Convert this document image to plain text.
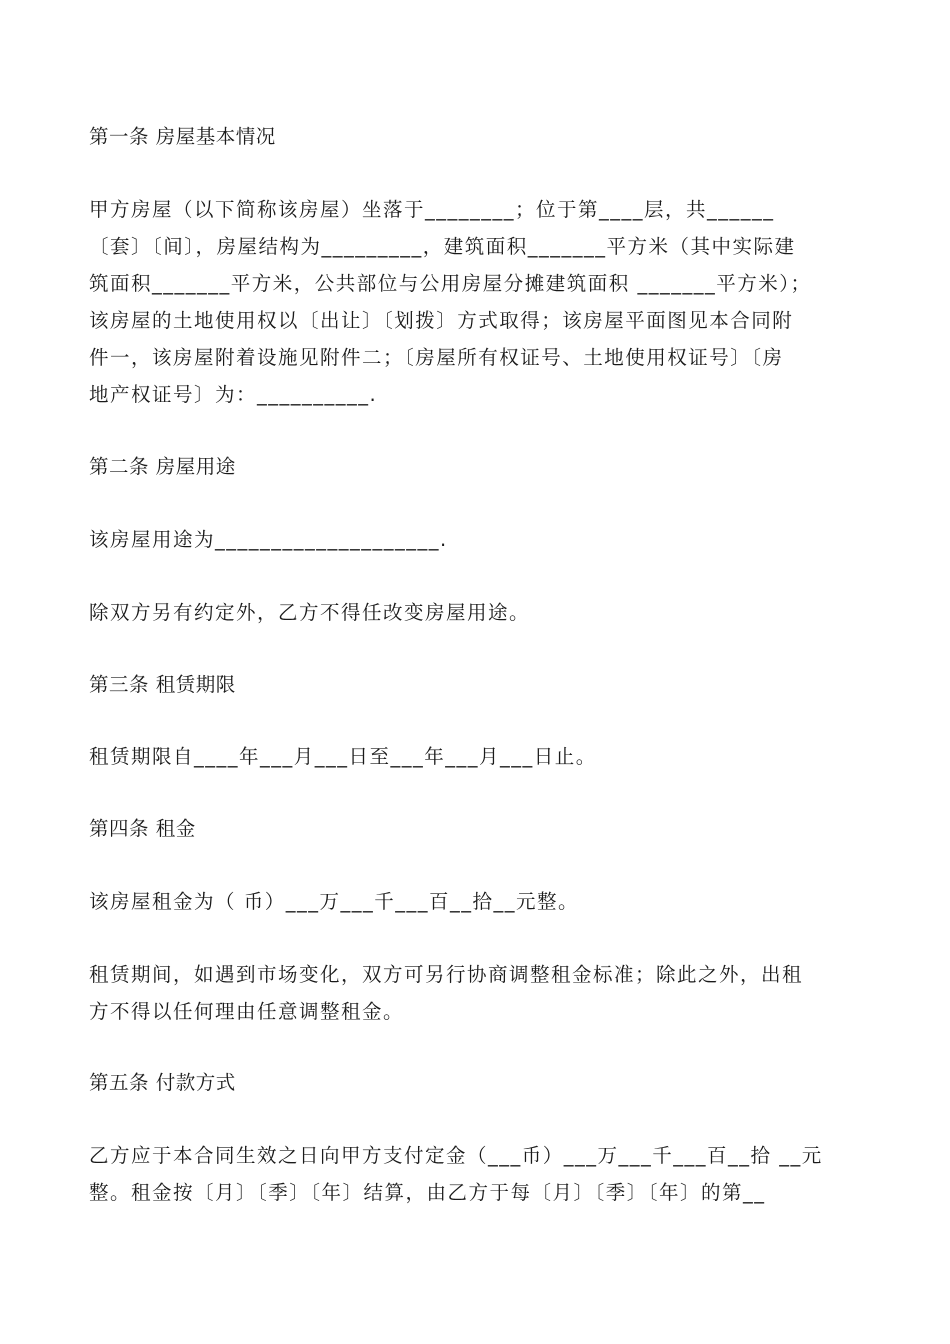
第一条 房屋基本情况
甲方房屋（以下简称该房屋）坐落于________；位于第____层，共______
〔套〕〔间〕，房屋结构为_________，建筑面积_______平方米（其中实际建
筑面积_______平方米，公共部位与公用房屋分摊建筑面积 _______平方米）；
该房屋的土地使用权以〔出让〕〔划拨〕方式取得；该房屋平面图见本合同附
件一，该房屋附着设施见附件二；〔房屋所有权证号、土地使用权证号〕〔房
地产权证号〕为：__________.
第二条 房屋用途
该房屋用途为____________________.
除双方另有约定外，乙方不得任改变房屋用途。
第三条 租赁期限
租赁期限自____年___月___日至___年___月___日止。
第四条 租金
该房屋租金为（ 币）___万___千___百__拾__元整。
租赁期间，如遇到市场变化，双方可另行协商调整租金标准；除此之外，出租
方不得以任何理由任意调整租金。
第五条 付款方式
乙方应于本合同生效之日向甲方支付定金（___币）___万___千___百__拾 __元
整。租金按〔月〕〔季〕〔年〕结算，由乙方于每〔月〕〔季〕〔年〕的第__
